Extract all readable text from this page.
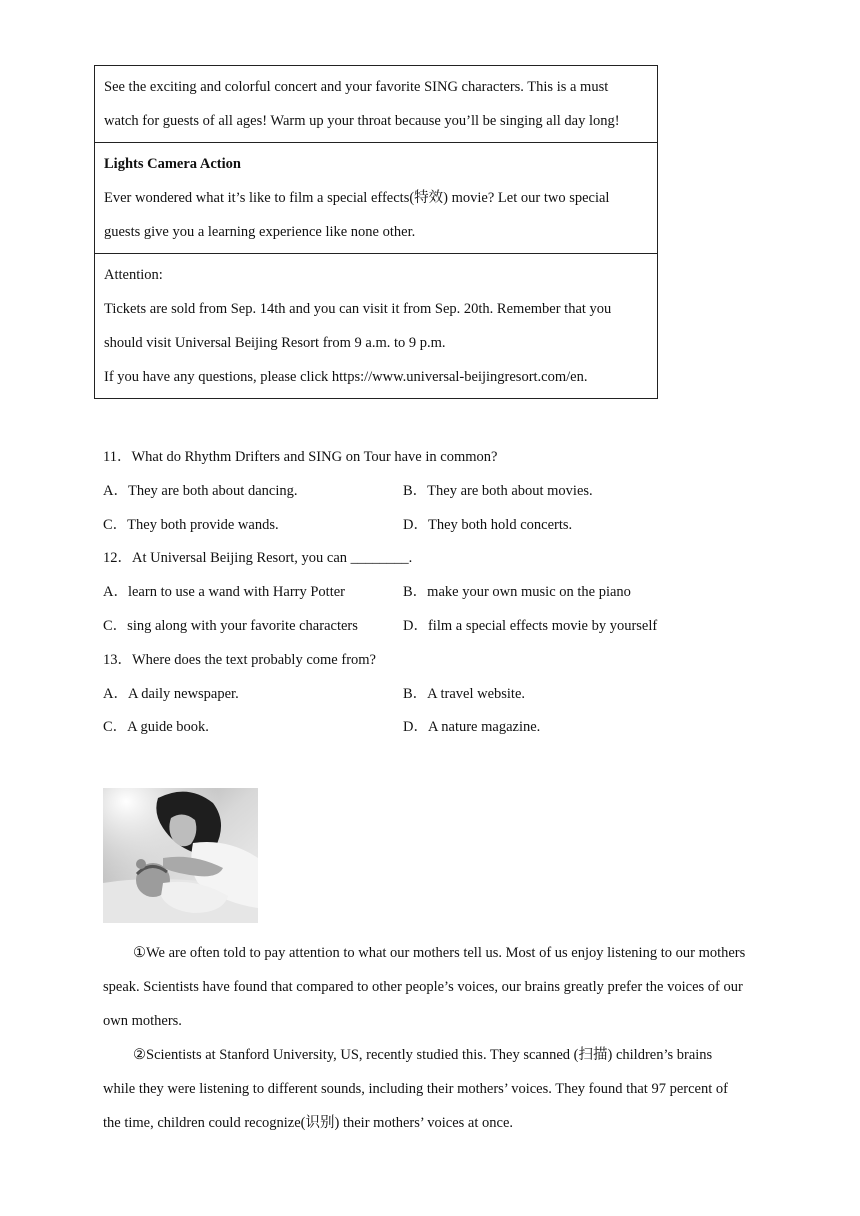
See the exciting and colorful concert and your favorite SING characters. This is a must
watch for guests of all ages! Warm up your throat because you’ll be singing all day long!
Lights Camera Action
Ever wondered what it’s like to film a special effects(特效) movie? Let our two special
guests give you a learning experience like none other.
Attention:
Tickets are sold from Sep. 14th and you can visit it from Sep. 20th. Remember that you
should visit Universal Beijing Resort from 9 a.m. to 9 p.m.
If you have any questions, please click https://www.universal-beijingresort.com/en.
11．What do Rhythm Drifters and SING on Tour have in common?
A．They are both about dancing.	B．They are both about movies.
C．They both provide wands.	D．They both hold concerts.
12．At Universal Beijing Resort, you can ________.
A．learn to use a wand with Harry Potter	B．make your own music on the piano
C．sing along with your favorite characters	D．film a special effects movie by yourself
13．Where does the text probably come from?
A．A daily newspaper.	B．A travel website.
C．A guide book.	D．A nature magazine.

①We are often told to pay attention to what our mothers tell us. Most of us enjoy listening to our mothers speak. Scientists have found that compared to other people’s voices, our brains greatly prefer the voices of our own mothers.

②Scientists at Stanford University, US, recently studied this. They scanned (扫描) children’s brains while they were listening to different sounds, including their mothers’ voices. They found that 97 percent of the time, children could recognize(识别) their mothers’ voices at once.
